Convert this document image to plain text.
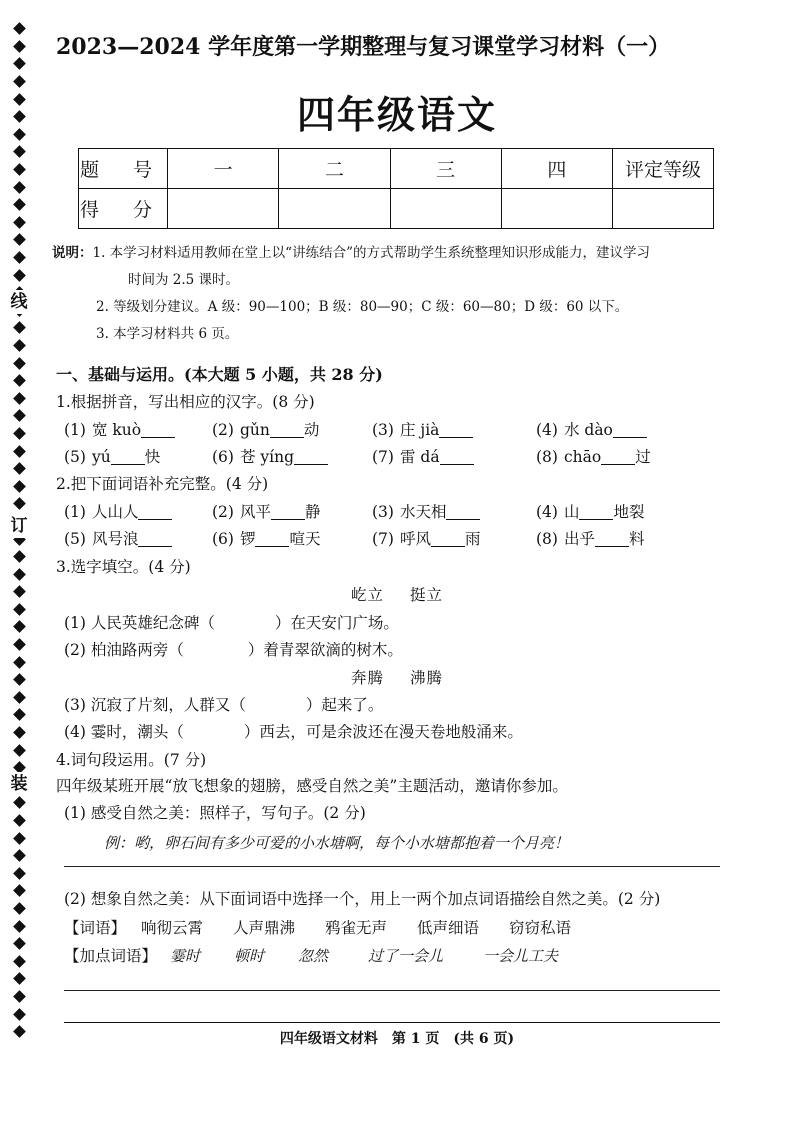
线
订
装
2023—2024 学年度第一学期整理与复习课堂学习材料（一）
四年级语文
题 号	一	二	三	四	评定等级
得 分					
说明：1. 本学习材料适用教师在堂上以“讲练结合”的方式帮助学生系统整理知识形成能力，建议学习
时间为 2.5 课时。
2. 等级划分建议。A 级：90—100；B 级：80—90；C 级：60—80；D 级：60 以下。
3. 本学习材料共 6 页。
一、基础与运用。(本大题 5 小题，共 28 分)
1.根据拼音，写出相应的汉字。(8 分)
(1) 宽 kuò	(2) gǔn 动	(3) 庄 jià	(4) 水 dào
(5) yú 快	(6) 苍 yíng	(7) 雷 dá	(8) chāo 过
2.把下面词语补充完整。(4 分)
(1) 人山人	(2) 风平 静	(3) 水天相	(4) 山 地裂
(5) 风号浪	(6) 锣 喧天	(7) 呼风 雨	(8) 出乎 料
3.选字填空。(4 分)
屹立 挺立
(1) 人民英雄纪念碑（	）在天安门广场。
(2) 柏油路两旁（	）着青翠欲滴的树木。
奔腾 沸腾
(3) 沉寂了片刻，人群又（	）起来了。
(4) 霎时，潮头（	）西去，可是余波还在漫天卷地般涌来。
4.词句段运用。(7 分)
四年级某班开展“放飞想象的翅膀，感受自然之美”主题活动，邀请你参加。
(1) 感受自然之美：照样子，写句子。(2 分)
例：哟，卵石间有多少可爱的小水塘啊，每个小水塘都抱着一个月亮！
(2) 想象自然之美：从下面词语中选择一个，用上一两个加点词语描绘自然之美。(2 分)
【词语】 响彻云霄 人声鼎沸 鸦雀无声 低声细语 窃窃私语
【加点词语】 霎时 顿时 忽然	过了一会儿	一会儿工夫
四年级语文材料　第 1 页　(共 6 页)
